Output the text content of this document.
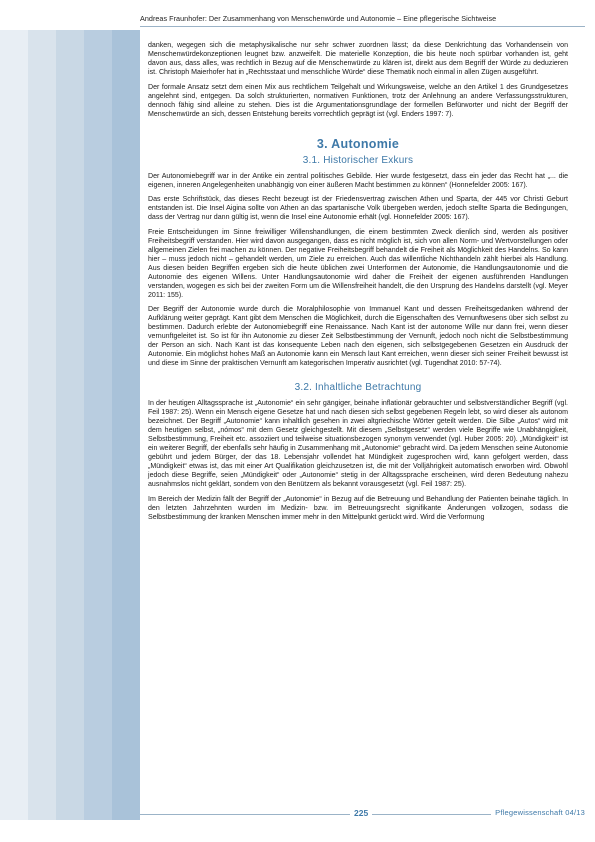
Andreas Fraunhofer: Der Zusammenhang von Menschenwürde und Autonomie – Eine pflegerische Sichtweise

danken, wegegen sich die metaphysikalische nur sehr schwer zuordnen lässt; da diese Denkrichtung das Vorhandensein von Menschenwürdekonzeptionen leugnet bzw. anzweifelt. Die materielle Konzeption, die bis heute noch spürbar vorhanden ist, geht davon aus, dass alles, was rechtlich in Bezug auf die Menschenwürde zu klären ist, direkt aus dem Begriff der Würde zu deduzieren ist. Christoph Maierhofer hat in „Rechtsstaat und menschliche Würde“ diese Thematik noch einmal in allen Zügen ausgeführt.

Der formale Ansatz setzt dem einen Mix aus rechtlichem Teilgehalt und Wirkungsweise, welche an den Artikel 1 des Grundgesetzes angelehnt sind, entgegen. Da solch strukturierten, normativen Funktionen, trotz der Anlehnung an andere Verfassungsstrukturen, dennoch fähig sind alleine zu stehen. Dies ist die Argumentationsgrundlage der formellen Befürworter und nicht der Begriff der Menschenwürde an sich, dessen Entstehung bereits vorrechtlich geprägt ist (vgl. Enders 1997: 7).

3. Autonomie
3.1. Historischer Exkurs

Der Autonomiebegriff war in der Antike ein zentral politisches Gebilde. Hier wurde festgesetzt, dass ein jeder das Recht hat „... die eigenen, inneren Angelegenheiten unabhängig von einer äußeren Macht bestimmen zu können“ (Honnefelder 2005: 167).

Das erste Schriftstück, das dieses Recht bezeugt ist der Friedensvertrag zwischen Athen und Sparta, der 445 vor Christi Geburt entstanden ist. Die Insel Aigina sollte von Athen an das spartanische Volk übergeben werden, jedoch stellte Sparta die Bedingungen, dass der Vertrag nur dann gültig ist, wenn die Insel eine Autonomie erhält (vgl. Honnefelder 2005: 167).

Freie Entscheidungen im Sinne freiwilliger Willenshandlungen, die einem bestimmten Zweck dienlich sind, werden als positiver Freiheitsbegriff verstanden. Hier wird davon ausgegangen, dass es nicht möglich ist, sich von allen Norm- und Wertvorstellungen oder allgemeinen Zielen frei machen zu können. Der negative Freiheitsbegriff behandelt die Freiheit als Möglichkeit des Handelns. So kann hier – muss jedoch nicht – gehandelt werden, um Ziele zu erreichen. Auch das willentliche Nichthandeln zählt hierbei als Handlung. Aus diesen beiden Begriffen ergeben sich die heute üblichen zwei Unterformen der Autonomie, die Handlungsautonomie und die Autonomie des eigenen Willens. Unter Handlungsautonomie wird daher die Freiheit der eigenen ausführenden Handlungen verstanden, wogegen es sich bei der zweiten Form um die Willensfreiheit handelt, die den Ursprung des Handelns darstellt (vgl. Meyer 2011: 155).

Der Begriff der Autonomie wurde durch die Moralphilosophie von Immanuel Kant und dessen Freiheitsgedanken während der Aufklärung weiter geprägt. Kant gibt dem Menschen die Möglichkeit, durch die Eigenschaften des Vernunftwesens über sich selbst zu bestimmen. Dadurch erlebte der Autonomiebegriff eine Renaissance. Nach Kant ist der autonome Wille nur dann frei, wenn dieser vernunftgeleitet ist. So ist für ihn Autonomie zu dieser Zeit Selbstbestimmung der Vernunft, jedoch noch nicht die Selbstbestimmung der Person an sich. Nach Kant ist das konsequente Leben nach den eigenen, sich selbstgegebenen Gesetzen ein Ausdruck der Autonomie. Ein möglichst hohes Maß an Autonomie kann ein Mensch laut Kant erreichen, wenn dieser sich seiner Freiheit bewusst ist und diese im Sinne der praktischen Vernunft am kategorischen Imperativ ausrichtet (vgl. Tugendhat 2010: 57-74).

3.2. Inhaltliche Betrachtung

In der heutigen Alltagssprache ist „Autonomie“ ein sehr gängiger, beinahe inflationär gebrauchter und selbstverständlicher Begriff (vgl. Feil 1987: 25). Wenn ein Mensch eigene Gesetze hat und nach diesen sich selbst gegebenen Regeln lebt, so wird dieser als autonom bezeichnet. Der Begriff „Autonomie“ kann inhaltlich gesehen in zwei altgriechische Wörter geteilt werden. Die Silbe „Autos“ wird mit dem heutigen selbst, „nómos“ mit dem Gesetz gleichgestellt. Mit diesem „Selbstgesetz“ werden viele Begriffe wie Unabhängigkeit, Selbstbestimmung, Freiheit etc. assoziiert und teilweise situationsbezogen synonym verwendet (vgl. Huber 2005: 20). „Mündigkeit“ ist ein weiterer Begriff, der ebenfalls sehr häufig in Zusammenhang mit „Autonomie“ gebracht wird. Da jedem Menschen seine Autonomie gebührt und jedem Bürger, der das 18. Lebensjahr vollendet hat Mündigkeit zugesprochen wird, kann gefolgert werden, dass „Mündigkeit“ etwas ist, das mit einer Art Qualifikation gleichzusetzen ist, die mit der Volljährigkeit automatisch erworben wird. Obwohl jedoch diese Begriffe, seien „Mündigkeit“ oder „Autonomie“ stetig in der Alltagssprache erscheinen, wird deren Bedeutung nahezu ausnahmslos nicht geklärt, sondern von den Benützern als bekannt vorausgesetzt (vgl. Feil 1987: 25).

Im Bereich der Medizin fällt der Begriff der „Autonomie“ in Bezug auf die Betreuung und Behandlung der Patienten beinahe täglich. In den letzten Jahrzehnten wurden im Medizin- bzw. im Betreuungsrecht signifikante Änderungen vollzogen, sodass die Selbstbestimmung der kranken Menschen immer mehr in den Mittelpunkt gerückt wird. Wird die Verformung

225	Pflegewissenschaft 04/13
